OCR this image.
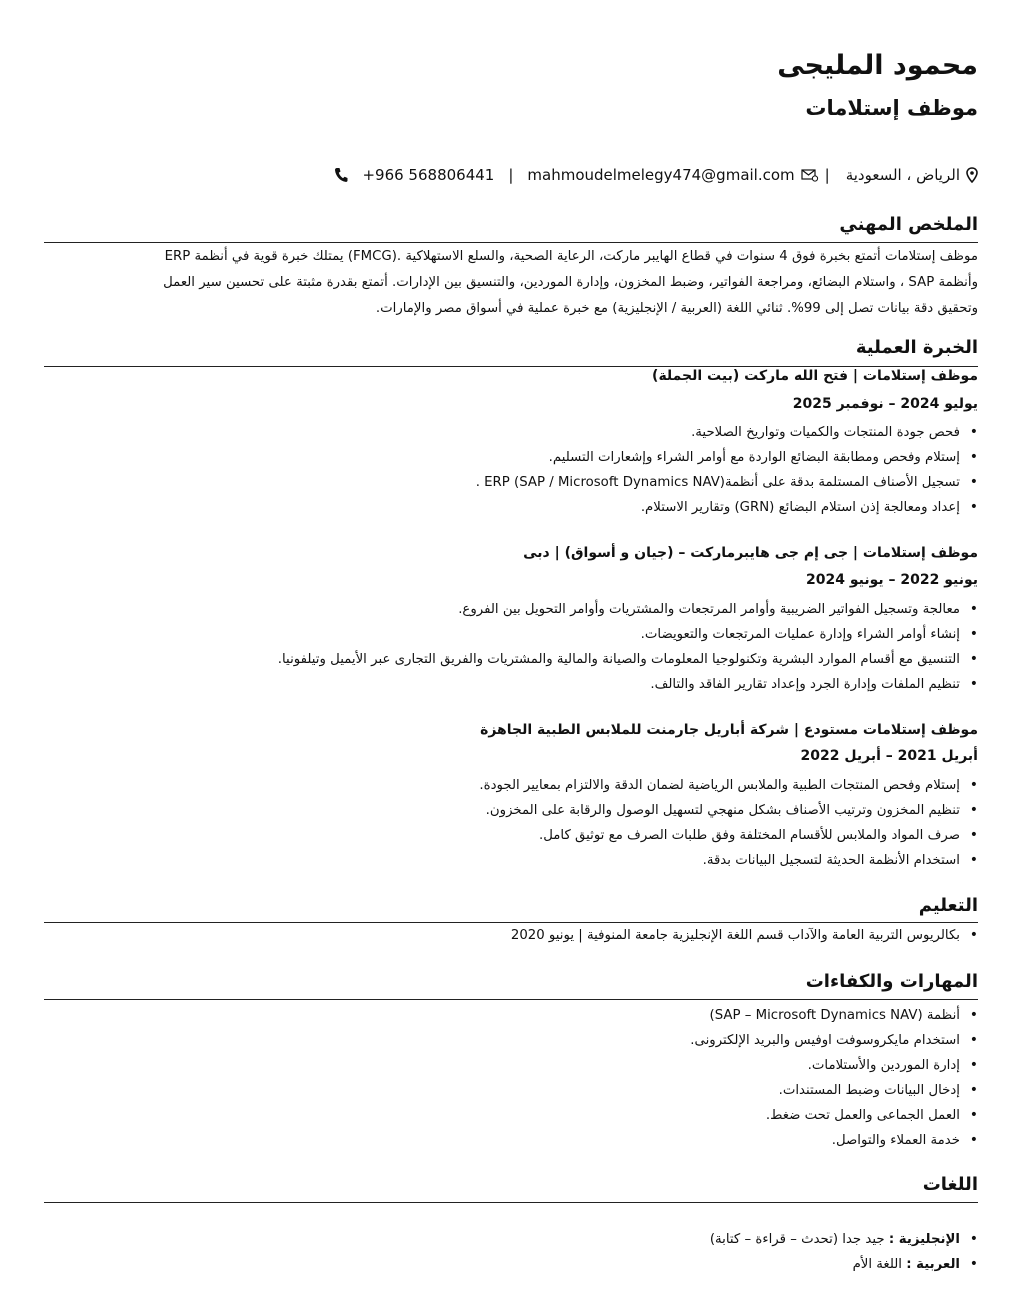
محمود المليجى
موظف إستلامات
الرياض ، السعودية
|
mahmoudelmelegy474@gmail.com
|
+966 568806441
الملخص المهني
موظف إستلامات أتمتع بخبرة فوق 4 سنوات في قطاع الهايبر ماركت، الرعاية الصحية، والسلع الاستهلاكية .(FMCG) يمتلك خبرة قوية في أنظمة ERP
وأنظمة SAP ، واستلام البضائع، ومراجعة الفواتير، وضبط المخزون، وإدارة الموردين، والتنسيق بين الإدارات. أتمتع بقدرة مثبتة على تحسين سير العمل
وتحقيق دقة بيانات تصل إلى 99%. ثنائي اللغة (العربية / الإنجليزية) مع خبرة عملية في أسواق مصر والإمارات.
الخبرة العملية
موظف إستلامات | فتح الله ماركت (بيت الجملة)
يوليو 2024 – نوفمبر 2025
• فحص جودة المنتجات والكميات وتواريخ الصلاحية.
• إستلام وفحص ومطابقة البضائع الواردة مع أوامر الشراء وإشعارات التسليم.
• تسجيل الأصناف المستلمة بدقة على أنظمة(ERP (SAP / Microsoft Dynamics NAV .
• إعداد ومعالجة إذن استلام البضائع (GRN) وتقارير الاستلام.
موظف إستلامات | جى إم جى هايبرماركت – (جيان و أسواق) | دبى
يونيو 2022 – يونيو 2024
• معالجة وتسجيل الفواتير الضريبية وأوامر المرتجعات والمشتريات وأوامر التحويل بين الفروع.
• إنشاء أوامر الشراء وإدارة عمليات المرتجعات والتعويضات.
• التنسيق مع أقسام الموارد البشرية وتكنولوجيا المعلومات والصيانة والمالية والمشتريات والفريق التجارى عبر الأيميل وتيلفونيا.
• تنظيم الملفات وإدارة الجرد وإعداد تقارير الفاقد والتالف.
موظف إستلامات مستودع | شركة أباريل جارمنت للملابس الطبية الجاهزة
أبريل 2021 – أبريل 2022
• إستلام وفحص المنتجات الطبية والملابس الرياضية لضمان الدقة والالتزام بمعايير الجودة.
• تنظيم المخزون وترتيب الأصناف بشكل منهجي لتسهيل الوصول والرقابة على المخزون.
• صرف المواد والملابس للأقسام المختلفة وفق طلبات الصرف مع توثيق كامل.
• استخدام الأنظمة الحديثة لتسجيل البيانات بدقة.
التعليم
• بكالريوس التربية العامة والآداب قسم اللغة الإنجليزية جامعة المنوفية | يونيو 2020
المهارات والكفاءات
• أنظمة (SAP – Microsoft Dynamics NAV)
• استخدام مايكروسوفت اوفيس والبريد الإلكترونى.
• إدارة الموردين والأستلامات.
• إدخال البيانات وضبط المستندات.
• العمل الجماعى والعمل تحت ضغط.
• خدمة العملاء والتواصل.
اللغات
• الإنجليزية : جيد جدا (تحدث – قراءة – كتابة)
• العربية : اللغة الأم
